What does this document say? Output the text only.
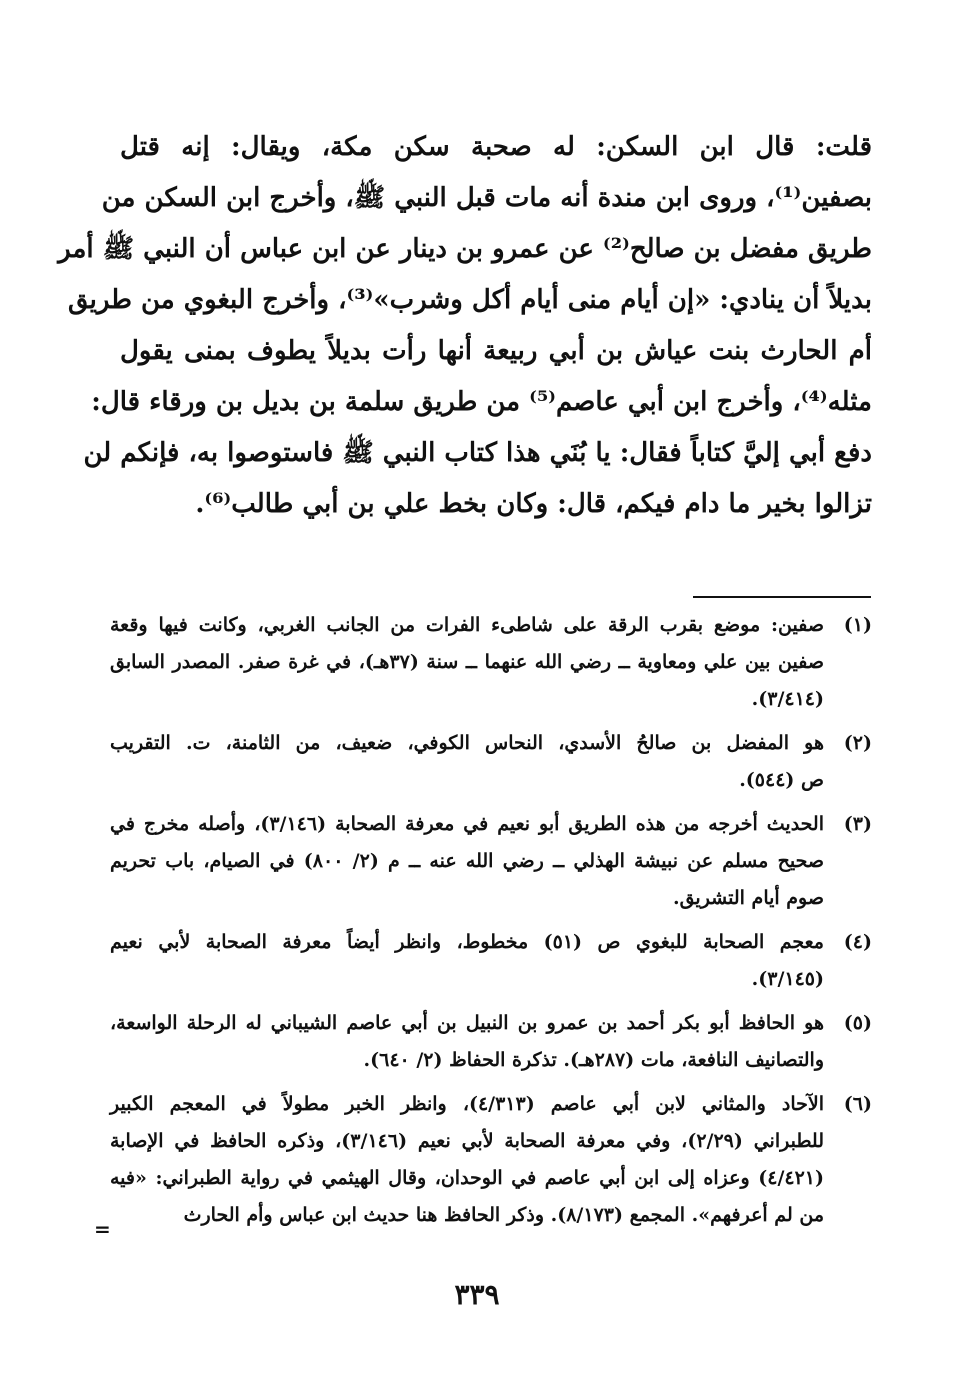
قلت: قال ابن السكن: له صحبة سكن مكة، ويقال: إنه قتل
بصفين⁽¹⁾، وروى ابن مندة أنه مات قبل النبي ﷺ، وأخرج ابن السكن من
طريق مفضل بن صالح⁽²⁾ عن عمرو بن دينار عن ابن عباس أن النبي ﷺ أمر
بديلاً أن ينادي: «إن أيام منى أيام أكل وشرب»⁽³⁾، وأخرج البغوي من طريق
أم الحارث بنت عياش بن أبي ربيعة أنها رأت بديلاً يطوف بمنى يقول
مثله⁽⁴⁾، وأخرج ابن أبي عاصم⁽⁵⁾ من طريق سلمة بن بديل بن ورقاء قال:
دفع أبي إليَّ كتاباً فقال: يا بُنَي هذا كتاب النبي ﷺ فاستوصوا به، فإنكم لن
تزالوا بخير ما دام فيكم، قال: وكان بخط علي بن أبي طالب⁽⁶⁾.
(١)
صفين: موضع بقرب الرقة على شاطىء الفرات من الجانب الغربي، وكانت فيها وقعة
صفين بين علي ومعاوية ــ رضي الله عنهما ــ سنة (٣٧هـ)، في غرة صفر. المصدر السابق
(٣/٤١٤).
(٢)
هو المفضل بن صالحُ الأسدي، النحاس الكوفي، ضعيف، من الثامنة، ت. التقريب
ص (٥٤٤).
(٣)
الحديث أخرجه من هذه الطريق أبو نعيم في معرفة الصحابة (٣/١٤٦)، وأصله مخرج في
صحيح مسلم عن نبيشة الهذلي ــ رضي الله عنه ــ م (٢/ ٨٠٠) في الصيام، باب تحريم
صوم أيام التشريق.
(٤)
معجم الصحابة للبغوي ص (٥١) مخطوط، وانظر أيضاً معرفة الصحابة لأبي نعيم
(٣/١٤٥).
(٥)
هو الحافظ أبو بكر أحمد بن عمرو بن النبيل بن أبي عاصم الشيباني له الرحلة الواسعة،
والتصانيف النافعة، مات (٢٨٧هـ). تذكرة الحفاظ (٢/ ٦٤٠).
(٦)
الآحاد والمثاني لابن أبي عاصم (٤/٣١٣)، وانظر الخبر مطولاً في المعجم الكبير
للطبراني (٢/٢٩)، وفي معرفة الصحابة لأبي نعيم (٣/١٤٦)، وذكره الحافظ في الإصابة
(٤/٤٢١) وعزاه إلى ابن أبي عاصم في الوحدان، وقال الهيثمي في رواية الطبراني: «فيه
من لم أعرفهم». المجمع (٨/١٧٣). وذكر الحافظ هنا حديث ابن عباس وأم الحارث
=
٣٣٩
